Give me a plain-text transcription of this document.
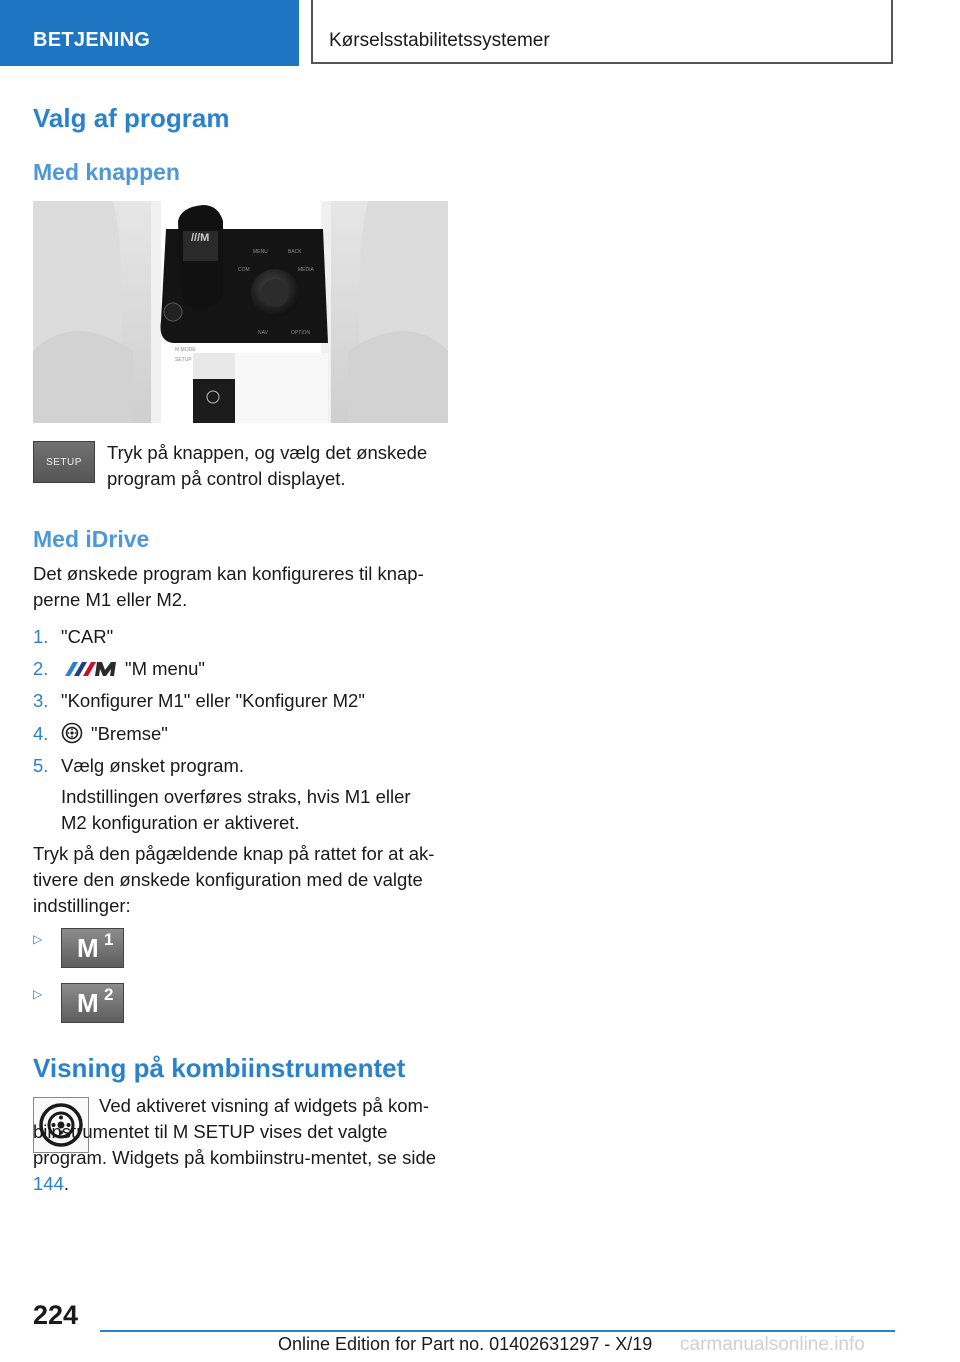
BETJENING	Kørselsstabilitetssystemer
Valg af program
Med knappen
///M
MENU	BACK
COM	MEDIA
NAV	OPTION
M MODE
SETUP
SETUP Tryk på knappen, og vælg det ønskede program på control displayet.
Med iDrive
Det ønskede program kan konfigureres til knap-perne M1 eller M2.
1. "CAR"
2.	"M menu"
3. "Konfigurer M1" eller "Konfigurer M2"
4. "Bremse"
5. Vælg ønsket program.
Indstillingen overføres straks, hvis M1 eller M2 konfiguration er aktiveret.
Tryk på den pågældende knap på rattet for at ak-tivere den ønskede konfiguration med de valgte indstillinger:
▷ M 1
▷ M 2
Visning på kombiinstrumentet
Ved aktiveret visning af widgets på kom-biinstrumentet til M SETUP vises det valgte program. Widgets på kombiinstru-mentet, se side 144.
224
Online Edition for Part no. 01402631297 - X/19 carmanualsonline.info
